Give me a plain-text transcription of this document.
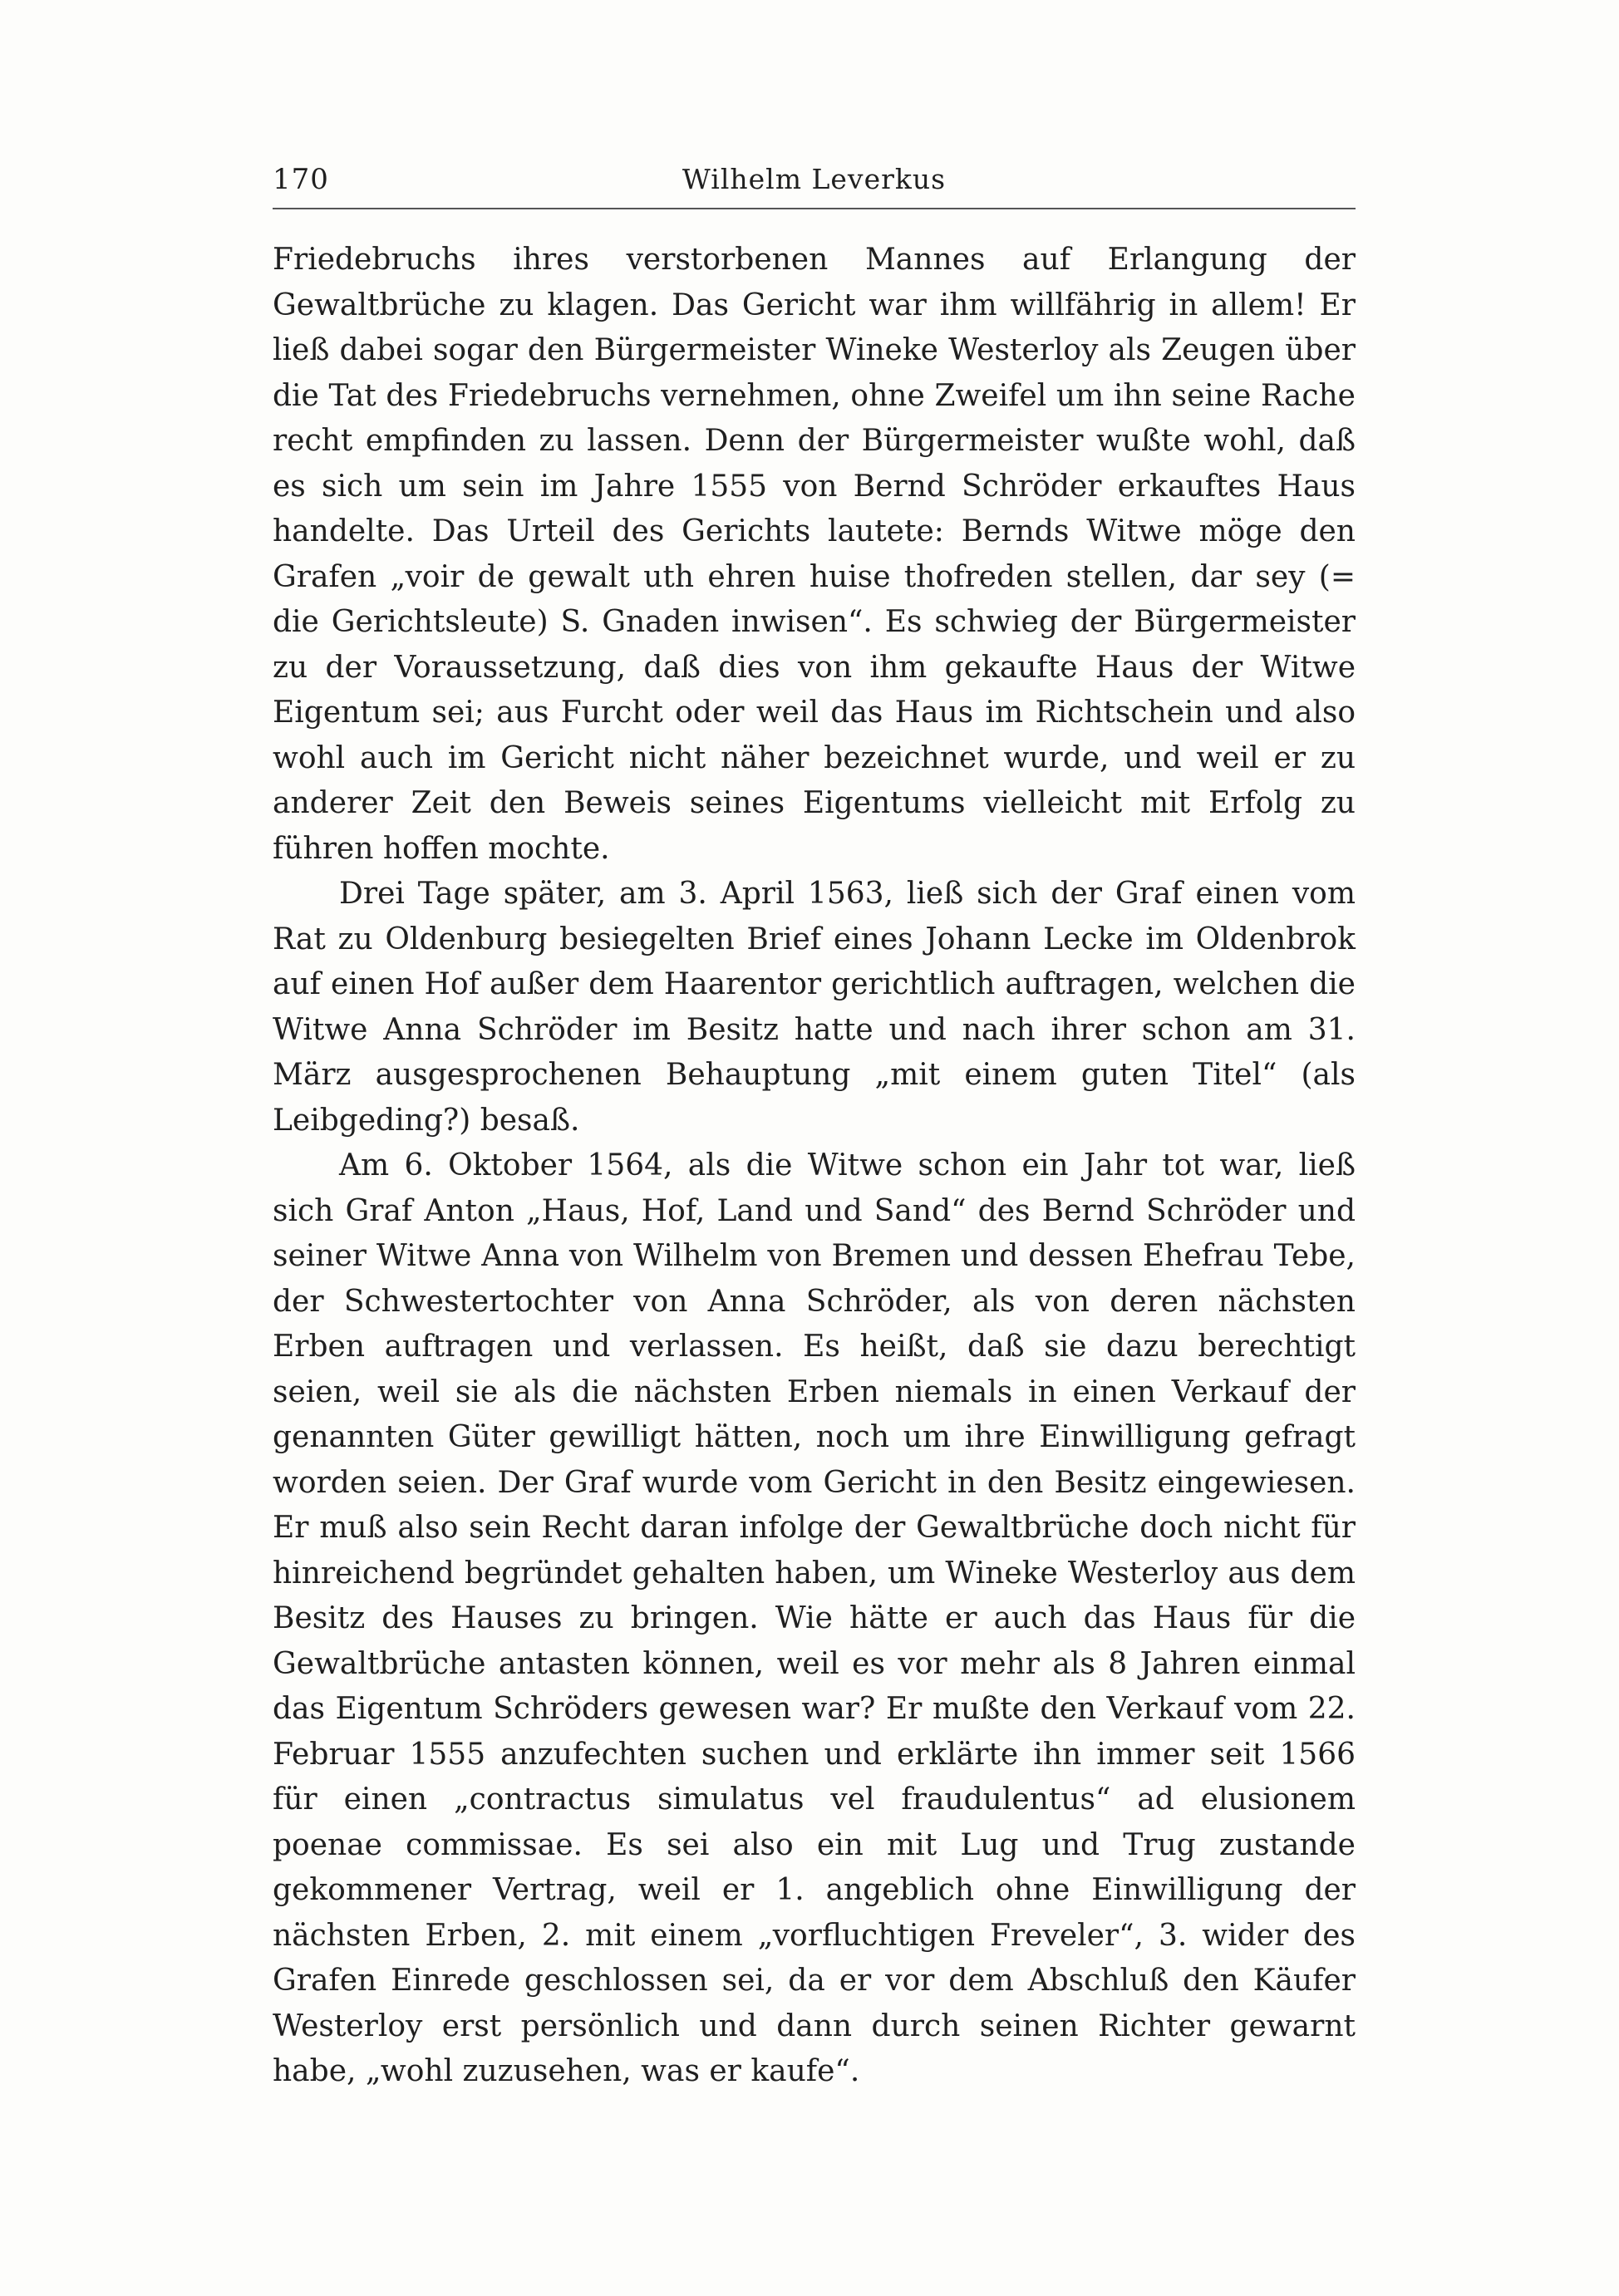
170	Wilhelm Leverkus

Friedebruchs ihres verstorbenen Mannes auf Erlangung der Gewaltbrüche zu klagen. Das Gericht war ihm willfährig in allem! Er ließ dabei sogar den Bürgermeister Wineke Westerloy als Zeugen über die Tat des Friedebruchs vernehmen, ohne Zweifel um ihn seine Rache recht empfinden zu lassen. Denn der Bürgermeister wußte wohl, daß es sich um sein im Jahre 1555 von Bernd Schröder erkauftes Haus handelte. Das Urteil des Gerichts lautete: Bernds Witwe möge den Grafen „voir de gewalt uth ehren huise thofreden stellen, dar sey (= die Gerichtsleute) S. Gnaden inwisen“. Es schwieg der Bürgermeister zu der Voraussetzung, daß dies von ihm gekaufte Haus der Witwe Eigentum sei; aus Furcht oder weil das Haus im Richtschein und also wohl auch im Gericht nicht näher bezeichnet wurde, und weil er zu anderer Zeit den Beweis seines Eigentums vielleicht mit Erfolg zu führen hoffen mochte.

Drei Tage später, am 3. April 1563, ließ sich der Graf einen vom Rat zu Oldenburg besiegelten Brief eines Johann Lecke im Oldenbrok auf einen Hof außer dem Haarentor gerichtlich auftragen, welchen die Witwe Anna Schröder im Besitz hatte und nach ihrer schon am 31. März ausgesprochenen Behauptung „mit einem guten Titel“ (als Leibgeding?) besaß.

Am 6. Oktober 1564, als die Witwe schon ein Jahr tot war, ließ sich Graf Anton „Haus, Hof, Land und Sand“ des Bernd Schröder und seiner Witwe Anna von Wilhelm von Bremen und dessen Ehefrau Tebe, der Schwestertochter von Anna Schröder, als von deren nächsten Erben auftragen und verlassen. Es heißt, daß sie dazu berechtigt seien, weil sie als die nächsten Erben niemals in einen Verkauf der genannten Güter gewilligt hätten, noch um ihre Einwilligung gefragt worden seien. Der Graf wurde vom Gericht in den Besitz eingewiesen. Er muß also sein Recht daran infolge der Gewaltbrüche doch nicht für hinreichend begründet gehalten haben, um Wineke Westerloy aus dem Besitz des Hauses zu bringen. Wie hätte er auch das Haus für die Gewaltbrüche antasten können, weil es vor mehr als 8 Jahren einmal das Eigentum Schröders gewesen war? Er mußte den Verkauf vom 22. Februar 1555 anzufechten suchen und erklärte ihn immer seit 1566 für einen „contractus simulatus vel fraudulentus“ ad elusionem poenae commissae. Es sei also ein mit Lug und Trug zustande gekommener Vertrag, weil er 1. angeblich ohne Einwilligung der nächsten Erben, 2. mit einem „vorfluchtigen Freveler“, 3. wider des Grafen Einrede geschlossen sei, da er vor dem Abschluß den Käufer Westerloy erst persönlich und dann durch seinen Richter gewarnt habe, „wohl zuzusehen, was er kaufe“.
